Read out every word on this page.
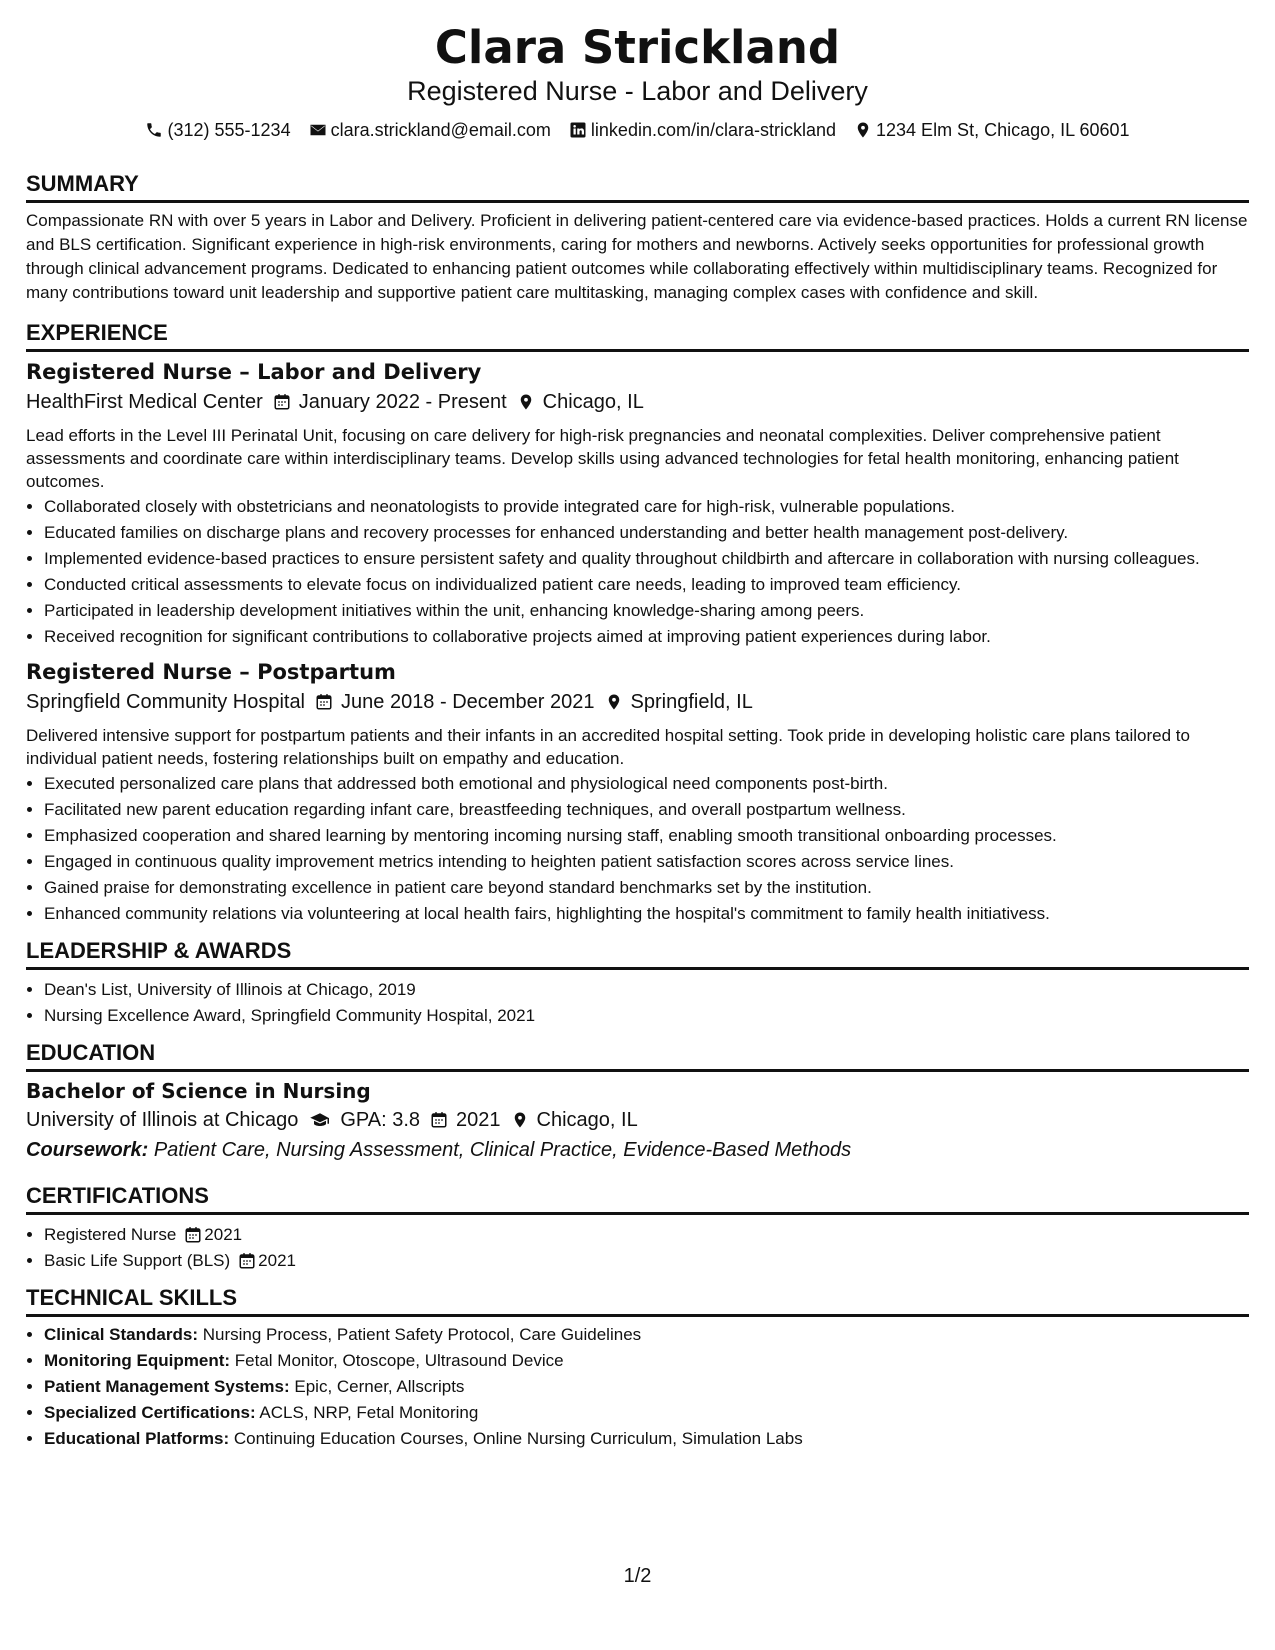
Clara Strickland
Registered Nurse - Labor and Delivery
(312) 555-1234 clara.strickland@email.com linkedin.com/in/clara-strickland 1234 Elm St, Chicago, IL 60601
SUMMARY
Compassionate RN with over 5 years in Labor and Delivery. Proficient in delivering patient-centered care via evidence-based practices. Holds a current RN license and BLS certification. Significant experience in high-risk environments, caring for mothers and newborns. Actively seeks opportunities for professional growth through clinical advancement programs. Dedicated to enhancing patient outcomes while collaborating effectively within multidisciplinary teams. Recognized for many contributions toward unit leadership and supportive patient care multitasking, managing complex cases with confidence and skill.
EXPERIENCE
Registered Nurse – Labor and Delivery
HealthFirst Medical Center January 2022 - Present Chicago, IL
Lead efforts in the Level III Perinatal Unit, focusing on care delivery for high-risk pregnancies and neonatal complexities. Deliver comprehensive patient assessments and coordinate care within interdisciplinary teams. Develop skills using advanced technologies for fetal health monitoring, enhancing patient outcomes.
• Collaborated closely with obstetricians and neonatologists to provide integrated care for high-risk, vulnerable populations.
• Educated families on discharge plans and recovery processes for enhanced understanding and better health management post-delivery.
• Implemented evidence-based practices to ensure persistent safety and quality throughout childbirth and aftercare in collaboration with nursing colleagues.
• Conducted critical assessments to elevate focus on individualized patient care needs, leading to improved team efficiency.
• Participated in leadership development initiatives within the unit, enhancing knowledge-sharing among peers.
• Received recognition for significant contributions to collaborative projects aimed at improving patient experiences during labor.
Registered Nurse – Postpartum
Springfield Community Hospital June 2018 - December 2021 Springfield, IL
Delivered intensive support for postpartum patients and their infants in an accredited hospital setting. Took pride in developing holistic care plans tailored to individual patient needs, fostering relationships built on empathy and education.
• Executed personalized care plans that addressed both emotional and physiological need components post-birth.
• Facilitated new parent education regarding infant care, breastfeeding techniques, and overall postpartum wellness.
• Emphasized cooperation and shared learning by mentoring incoming nursing staff, enabling smooth transitional onboarding processes.
• Engaged in continuous quality improvement metrics intending to heighten patient satisfaction scores across service lines.
• Gained praise for demonstrating excellence in patient care beyond standard benchmarks set by the institution.
• Enhanced community relations via volunteering at local health fairs, highlighting the hospital's commitment to family health initiativess.
LEADERSHIP & AWARDS
• Dean's List, University of Illinois at Chicago, 2019
• Nursing Excellence Award, Springfield Community Hospital, 2021
EDUCATION
Bachelor of Science in Nursing
University of Illinois at Chicago GPA: 3.8 2021 Chicago, IL
Coursework: Patient Care, Nursing Assessment, Clinical Practice, Evidence-Based Methods
CERTIFICATIONS
• Registered Nurse 2021
• Basic Life Support (BLS) 2021
TECHNICAL SKILLS
• Clinical Standards: Nursing Process, Patient Safety Protocol, Care Guidelines
• Monitoring Equipment: Fetal Monitor, Otoscope, Ultrasound Device
• Patient Management Systems: Epic, Cerner, Allscripts
• Specialized Certifications: ACLS, NRP, Fetal Monitoring
• Educational Platforms: Continuing Education Courses, Online Nursing Curriculum, Simulation Labs
1/2
